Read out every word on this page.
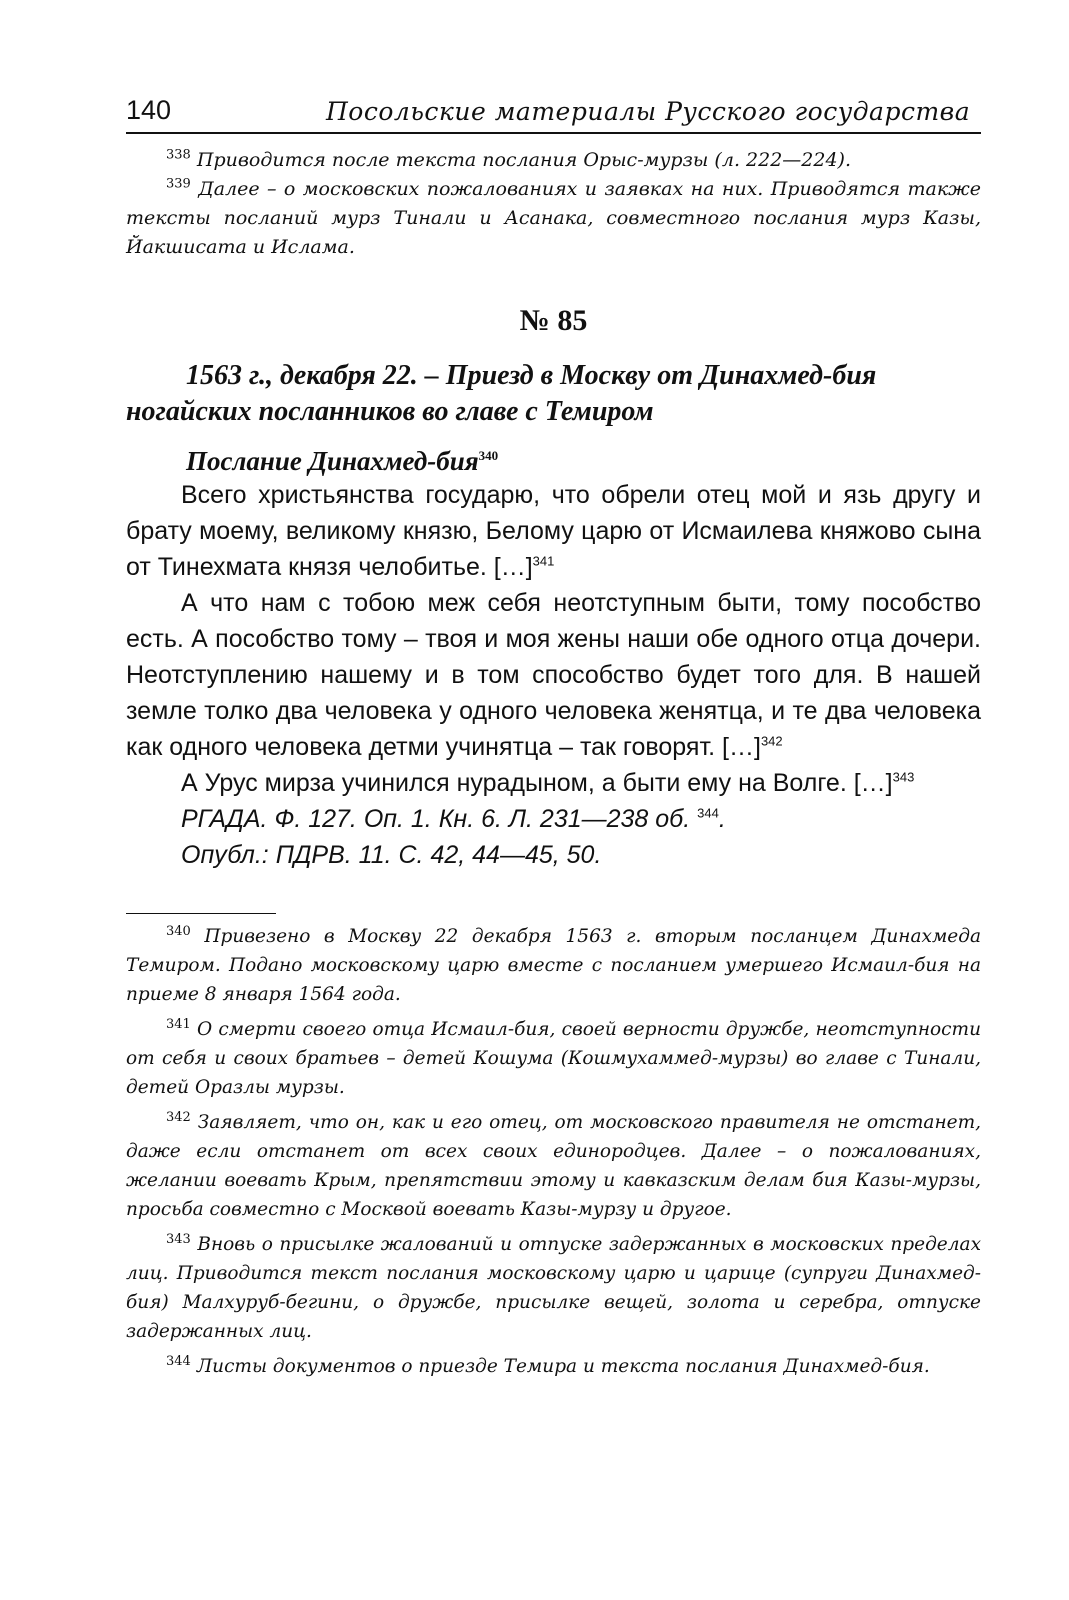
140	Посольские материалы Русского государства

$^{338}$ Приводится после текста послания Орыс-мурзы (л. 222—224).

$^{339}$ Далее – о московских пожалованиях и заявках на них. Приводятся также тексты посланий мурз Тинали и Асанака, совместного послания мурз Казы, Йакшисата и Ислама.

№ 85

1563 г., декабря 22. – Приезд в Москву от Динахмед-бия ногайских посланников во главе с Темиром

Послание Динахмед-бия$^{340}$

Всего христьянства государю, что обрели отец мой и язь другу и брату моему, великому князю, Белому царю от Исмаилева княжово сына от Тинехмата князя челобитье. […]$^{341}$

А что нам с тобою меж себя неотступным быти, тому пособство есть. А пособство тому – твоя и моя жены наши обе одного отца дочери. Неотступлению нашему и в том способство будет того для. В нашей земле толко два человека у одного человека женятца, и те два человека как одного человека детми учинятца – так говорят. […]$^{342}$

А Урус мирза учинился нурадыном, а быти ему на Волге. […]$^{343}$

РГАДА. Ф. 127. Оп. 1. Кн. 6. Л. 231—238 об. $^{344}$.
Опубл.: ПДРВ. 11. С. 42, 44—45, 50.

$^{340}$ Привезено в Москву 22 декабря 1563 г. вторым посланцем Динахмеда Темиром. Подано московскому царю вместе с посланием умершего Исмаил-бия на приеме 8 января 1564 года.

$^{341}$ О смерти своего отца Исмаил-бия, своей верности дружбе, неотступности от себя и своих братьев – детей Кошума (Кошмухаммед-мурзы) во главе с Тинали, детей Оразлы мурзы.

$^{342}$ Заявляет, что он, как и его отец, от московского правителя не отстанет, даже если отстанет от всех своих единородцев. Далее – о пожалованиях, желании воевать Крым, препятствии этому и кавказским делам бия Казы-мурзы, просьба совместно с Москвой воевать Казы-мурзу и другое.

$^{343}$ Вновь о присылке жалований и отпуске задержанных в московских пределах лиц. Приводится текст послания московскому царю и царице (супруги Динахмед-бия) Малхуруб-бегини, о дружбе, присылке вещей, золота и серебра, отпуске задержанных лиц.

$^{344}$ Листы документов о приезде Темира и текста послания Динахмед-бия.
